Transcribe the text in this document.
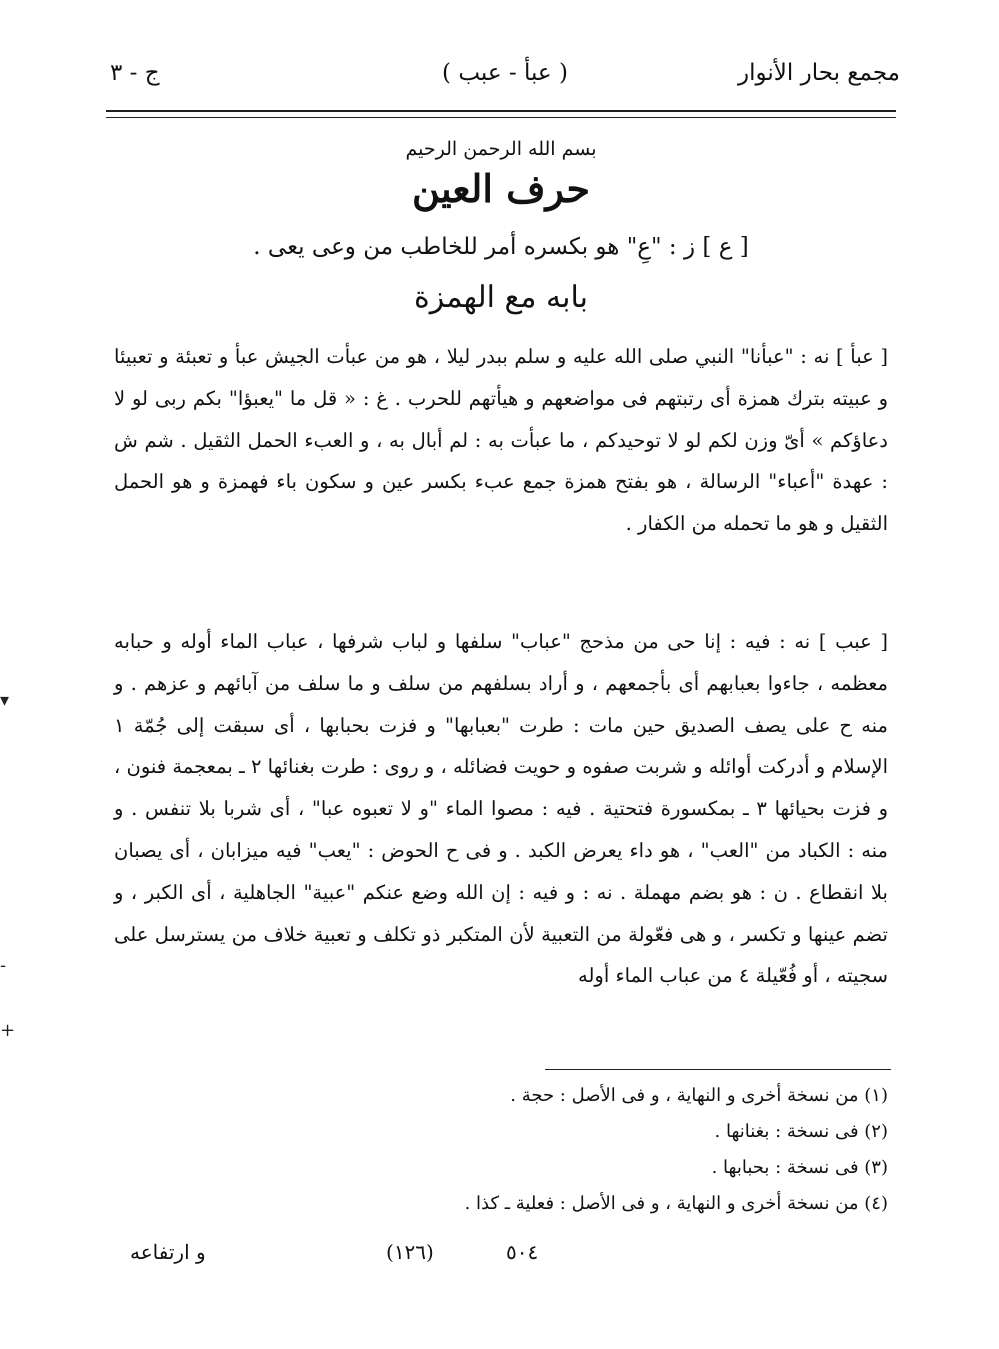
مجمع بحار الأنوار
( عبأ - عبب )
ج - ٣
بسم الله الرحمن الرحيم
حرف العين
[ ع ] ز : "عِ" هو بكسره أمر للخاطب من وعى يعى .
بابه مع الهمزة
[ عبأ ] نه : "عبأنا" النبي صلى الله عليه و سلم ببدر ليلا ، هو من عبأت الجيش عبأ و تعبئة و تعبيئا و عبيته بترك همزة أى رتبتهم فى مواضعهم و هيأتهم للحرب . غ : « قل ما "يعبؤا" بكم ربى لو لا دعاؤكم » أىّ وزن لكم لو لا توحيدكم ، ما عبأت به : لم أبال به ، و العبء الحمل الثقيل . شم ش : عهدة "أعباء" الرسالة ، هو بفتح همزة جمع عبء بكسر عين و سكون باء فهمزة و هو الحمل الثقيل و هو ما تحمله من الكفار .
[ عبب ] نه : فيه : إنا حى من مذحج "عباب" سلفها و لباب شرفها ، عباب الماء أوله و حبابه معظمه ، جاءوا بعبابهم أى بأجمعهم ، و أراد بسلفهم من سلف و ما سلف من آبائهم و عزهم . و منه ح على يصف الصديق حين مات : طرت "بعبابها" و فزت بحبابها ، أى سبقت إلى جُمّة ١ الإسلام و أدركت أوائله و شربت صفوه و حويت فضائله ، و روى : طرت بغنائها ٢ ـ بمعجمة فنون ، و فزت بحيائها ٣ ـ بمكسورة فتحتية . فيه : مصوا الماء "و لا تعبوه عبا" ، أى شربا بلا تنفس . و منه : الكباد من "العب" ، هو داء يعرض الكبد . و فى ح الحوض : "يعب" فيه ميزابان ، أى يصبان بلا انقطاع . ن : هو بضم مهملة . نه : و فيه : إن الله وضع عنكم "عبية" الجاهلية ، أى الكبر ، و تضم عينها و تكسر ، و هى فعّولة من التعبية لأن المتكبر ذو تكلف و تعبية خلاف من يسترسل على سجيته ، أو فُعّيلة ٤ من عباب الماء أوله
(١) من نسخة أخرى و النهاية ، و فى الأصل : حجة .
(٢) فى نسخة : بغنانها .
(٣) فى نسخة : بحبابها .
(٤) من نسخة أخرى و النهاية ، و فى الأصل : فعلية ـ كذا .
٥٠٤
(١٢٦)
و ارتفاعه
▾
-
+
